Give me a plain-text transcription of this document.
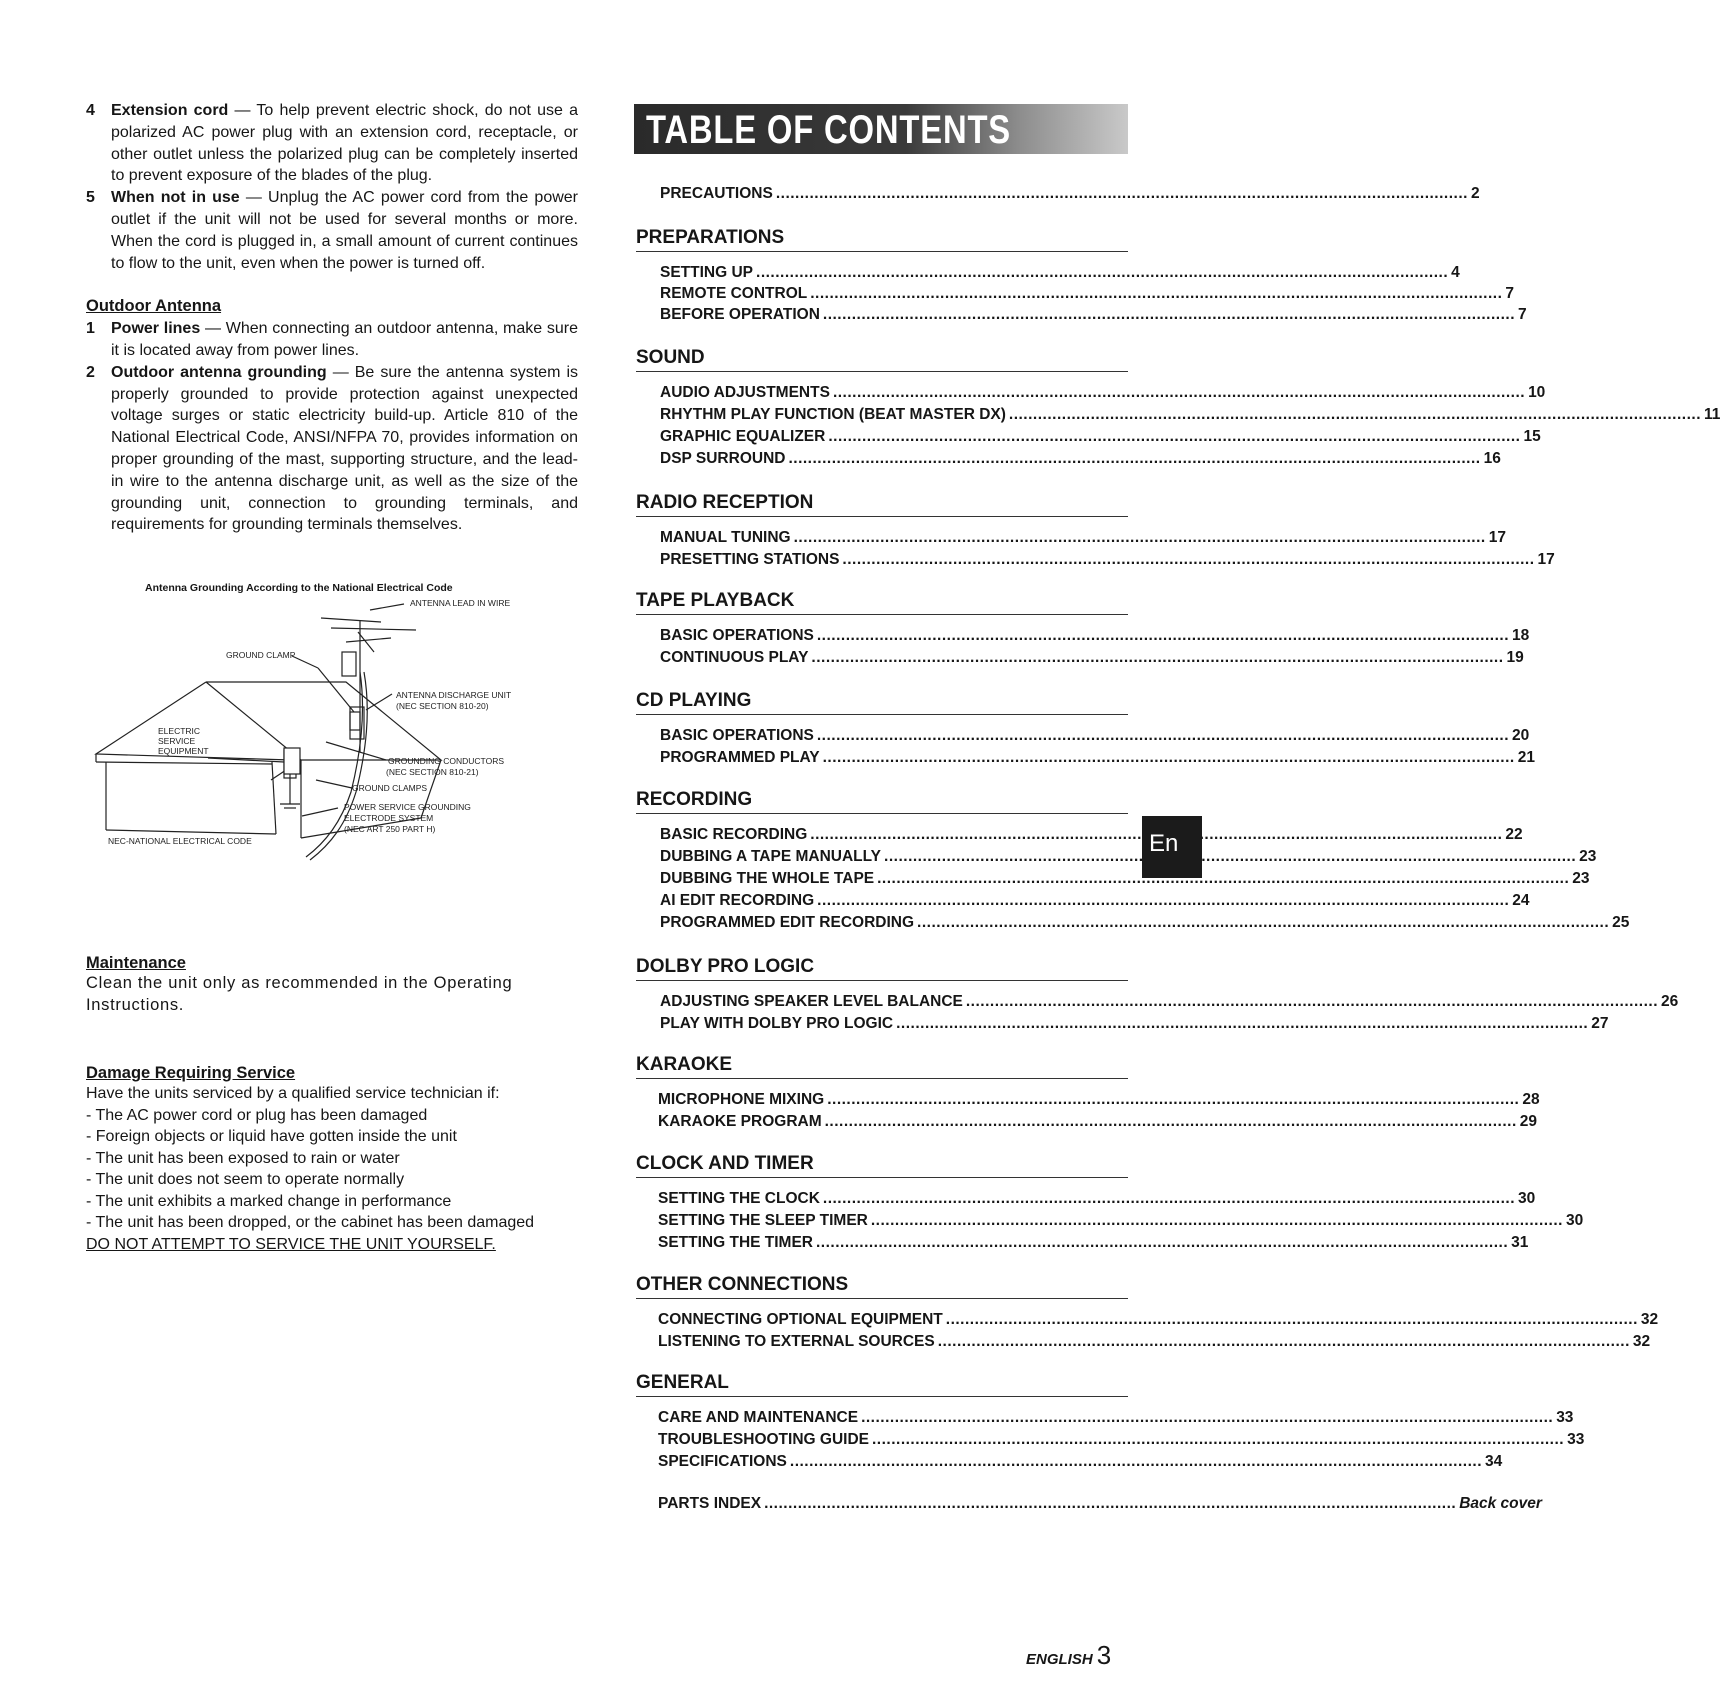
4 Extension cord — To help prevent electric shock, do not use a polarized AC power plug with an extension cord, receptacle, or other outlet unless the polarized plug can be completely inserted to prevent exposure of the blades of the plug.
5 When not in use — Unplug the AC power cord from the power outlet if the unit will not be used for several months or more. When the cord is plugged in, a small amount of current continues to flow to the unit, even when the power is turned off.
Outdoor Antenna
1 Power lines — When connecting an outdoor antenna, make sure it is located away from power lines.
2 Outdoor antenna grounding — Be sure the antenna system is properly grounded to provide protection against unexpected voltage surges or static electricity build-up. Article 810 of the National Electrical Code, ANSI/NFPA 70, provides information on proper grounding of the mast, supporting structure, and the lead-in wire to the antenna discharge unit, as well as the size of the grounding unit, connection to grounding terminals, and requirements for grounding terminals themselves.
Antenna Grounding According to the National Electrical Code
ANTENNA LEAD IN WIRE
GROUND CLAMP
ANTENNA DISCHARGE UNIT
(NEC SECTION 810-20)
ELECTRIC
SERVICE
EQUIPMENT
GROUNDING CONDUCTORS
(NEC SECTION 810-21)
GROUND CLAMPS
POWER SERVICE GROUNDING
ELECTRODE SYSTEM
(NEC ART 250 PART H)
NEC-NATIONAL ELECTRICAL CODE
Maintenance
Clean the unit only as recommended in the Operating Instructions.
Damage Requiring Service
Have the units serviced by a qualified service technician if:
- The AC power cord or plug has been damaged
- Foreign objects or liquid have gotten inside the unit
- The unit has been exposed to rain or water
- The unit does not seem to operate normally
- The unit exhibits a marked change in performance
- The unit has been dropped, or the cabinet has been damaged
DO NOT ATTEMPT TO SERVICE THE UNIT YOURSELF.
TABLE OF CONTENTS
PRECAUTIONS .....	2
PREPARATIONS
SETTING UP .....	4
REMOTE CONTROL .....	7
BEFORE OPERATION .....	7
SOUND
AUDIO ADJUSTMENTS .....	10
RHYTHM PLAY FUNCTION (BEAT MASTER DX) .....	11
GRAPHIC EQUALIZER .....	15
DSP SURROUND .....	16
RADIO RECEPTION
MANUAL TUNING .....	17
PRESETTING STATIONS .....	17
TAPE PLAYBACK
BASIC OPERATIONS .....	18
CONTINUOUS PLAY .....	19
CD PLAYING
BASIC OPERATIONS .....	20
PROGRAMMED PLAY .....	21
RECORDING
BASIC RECORDING .....	22
DUBBING A TAPE MANUALLY .....	23
DUBBING THE WHOLE TAPE .....	23
AI EDIT RECORDING .....	24
PROGRAMMED EDIT RECORDING .....	25
DOLBY PRO LOGIC
ADJUSTING SPEAKER LEVEL BALANCE .....	26
PLAY WITH DOLBY PRO LOGIC .....	27
KARAOKE
MICROPHONE MIXING .....	28
KARAOKE PROGRAM .....	29
CLOCK AND TIMER
SETTING THE CLOCK .....	30
SETTING THE SLEEP TIMER .....	30
SETTING THE TIMER .....	31
OTHER CONNECTIONS
CONNECTING OPTIONAL EQUIPMENT .....	32
LISTENING TO EXTERNAL SOURCES .....	32
GENERAL
CARE AND MAINTENANCE .....	33
TROUBLESHOOTING GUIDE .....	33
SPECIFICATIONS .....	34
PARTS INDEX .....	Back cover
En
ENGLISH 3
